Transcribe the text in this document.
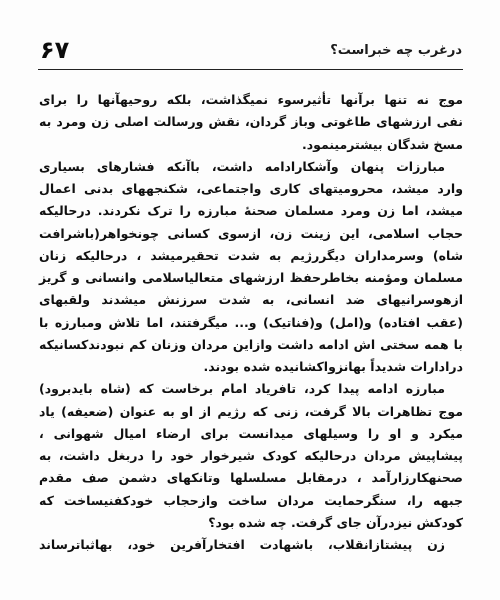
۶۷	درغرب چه خبراست؟
موج نه تنها برآنها تأثیرسوء نمیگذاشت، بلکه روحیهآنها را برای
نفی ارزشهای طاغوتی وباز گردان، نقش ورسالت اصلی زن ومرد به
مسخ شدگان بیشترمینمود.
مبارزات پنهان وآشکارادامه داشت، باآنکه فشارهای بسیاری
وارد میشد، محرومیتهای کاری واجتماعی، شکنجههای بدنی اعمال
میشد، اما زن ومرد مسلمان صحنهٔ مبارزه را ترک نکردند. درحالیکه
حجاب اسلامی، این زینت زن، ازسوی کسانی چونخواهر(باشرافت
شاه) وسرمداران دیگررژیم به شدت تحقیرمیشد ، درحالیکه زنان
مسلمان ومؤمنه بخاطرحفظ ارزشهای متعالیاسلامی وانسانی و گریز
ازهوسرانیهای ضد انسانی، به شدت سرزنش میشدند ولقبهای
(عقب افتاده) و(امل) و(فناتیک) و... میگرفتند، اما تلاش ومبارزه با
با همه سختی اش ادامه داشت وازاین مردان وزنان کم نبودندکسانیکه
درادارات شدیداً بهانزواکشانیده شده بودند.
مبارزه ادامه پیدا کرد، تافریاد امام برخاست که (شاه بایدبرود)
موج تظاهرات بالا گرفت، زنی که رژیم از او به عنوان (ضعیفه) یاد
میکرد و او را وسیلهای میدانست برای ارضاء امیال شهوانی ،
پیشاپیش مردان درحالیکه کودک شیرخوار خود را دربغل داشت، به
صحنهکارزارآمد ، درمقابل مسلسلها وتانکهای دشمن صف مقدم
جبهه را، سنگرحمایت مردان ساخت وازحجاب خودکفنیساخت که
کودکش نیزدرآن جای گرفت. چه شده بود؟
زن پیشتازانقلاب، باشهادت افتخارآفرین خود، بهاثباترساند
